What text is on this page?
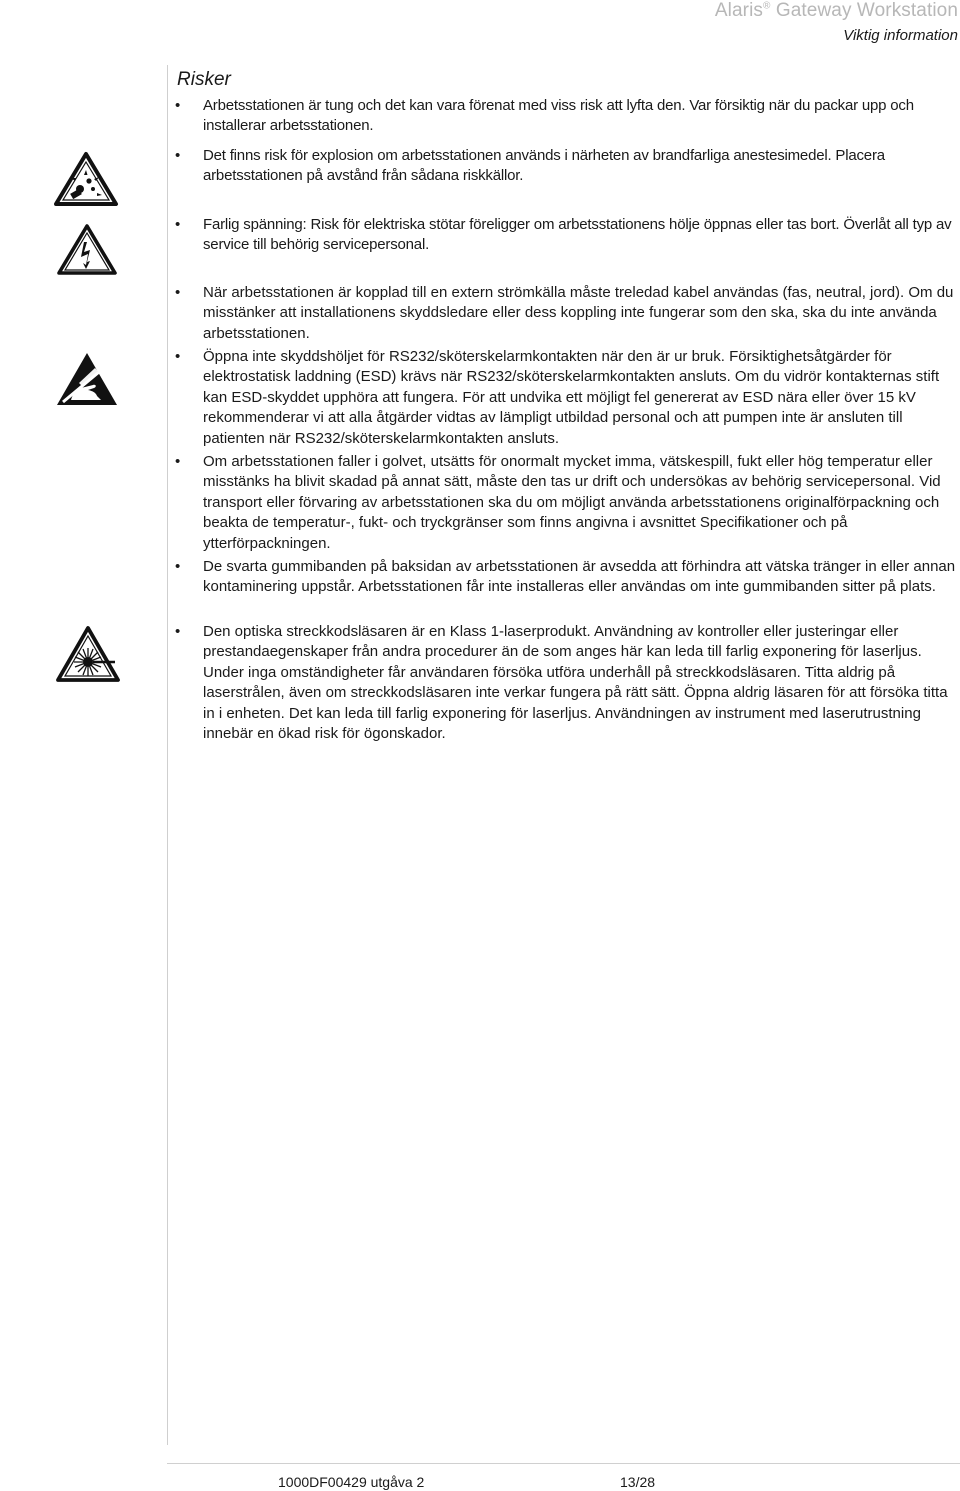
Alaris® Gateway Workstation
Viktig information
Risker
•	Arbetsstationen är tung och det kan vara förenat med viss risk att lyfta den. Var försiktig när du packar upp och installerar arbetsstationen.
•	Det finns risk för explosion om arbetsstationen används i närheten av brandfarliga anestesimedel. Placera arbetsstationen på avstånd från sådana riskkällor.
•	Farlig spänning: Risk för elektriska stötar föreligger om arbetsstationens hölje öppnas eller tas bort. Överlåt all typ av service till behörig servicepersonal.
•	När arbetsstationen är kopplad till en extern strömkälla måste treledad kabel användas (fas, neutral, jord). Om du misstänker att installationens skyddsledare eller dess koppling inte fungerar som den ska, ska du inte använda arbetsstationen.
•	Öppna inte skyddshöljet för RS232/sköterskelarmkontakten när den är ur bruk. Försiktighetsåtgärder för elektrostatisk laddning (ESD) krävs när RS232/sköterskelarmkontakten ansluts. Om du vidrör kontakternas stift kan ESD-skyddet upphöra att fungera. För att undvika ett möjligt fel genererat av ESD nära eller över 15 kV rekommenderar vi att alla åtgärder vidtas av lämpligt utbildad personal och att pumpen inte är ansluten till patienten när RS232/sköterskelarmkontakten ansluts.
•	Om arbetsstationen faller i golvet, utsätts för onormalt mycket imma, vätskespill, fukt eller hög temperatur eller misstänks ha blivit skadad på annat sätt, måste den tas ur drift och undersökas av behörig servicepersonal. Vid transport eller förvaring av arbetsstationen ska du om möjligt använda arbetsstationens originalförpackning och beakta de temperatur-, fukt- och tryckgränser som finns angivna i avsnittet Specifikationer och på ytterförpackningen.
•	De svarta gummibanden på baksidan av arbetsstationen är avsedda att förhindra att vätska tränger in eller annan kontaminering uppstår. Arbetsstationen får inte installeras eller användas om inte gummibanden sitter på plats.
•	Den optiska streckkodsläsaren är en Klass 1-laserprodukt. Användning av kontroller eller justeringar eller prestandaegenskaper från andra procedurer än de som anges här kan leda till farlig exponering för laserljus. Under inga omständigheter får användaren försöka utföra underhåll på streckkodsläsaren. Titta aldrig på laserstrålen, även om streckkodsläsaren inte verkar fungera på rätt sätt. Öppna aldrig läsaren för att försöka titta in i enheten. Det kan leda till farlig exponering för laserljus. Användningen av instrument med laserutrustning innebär en ökad risk för ögonskador.
1000DF00429 utgåva 2	13/28
